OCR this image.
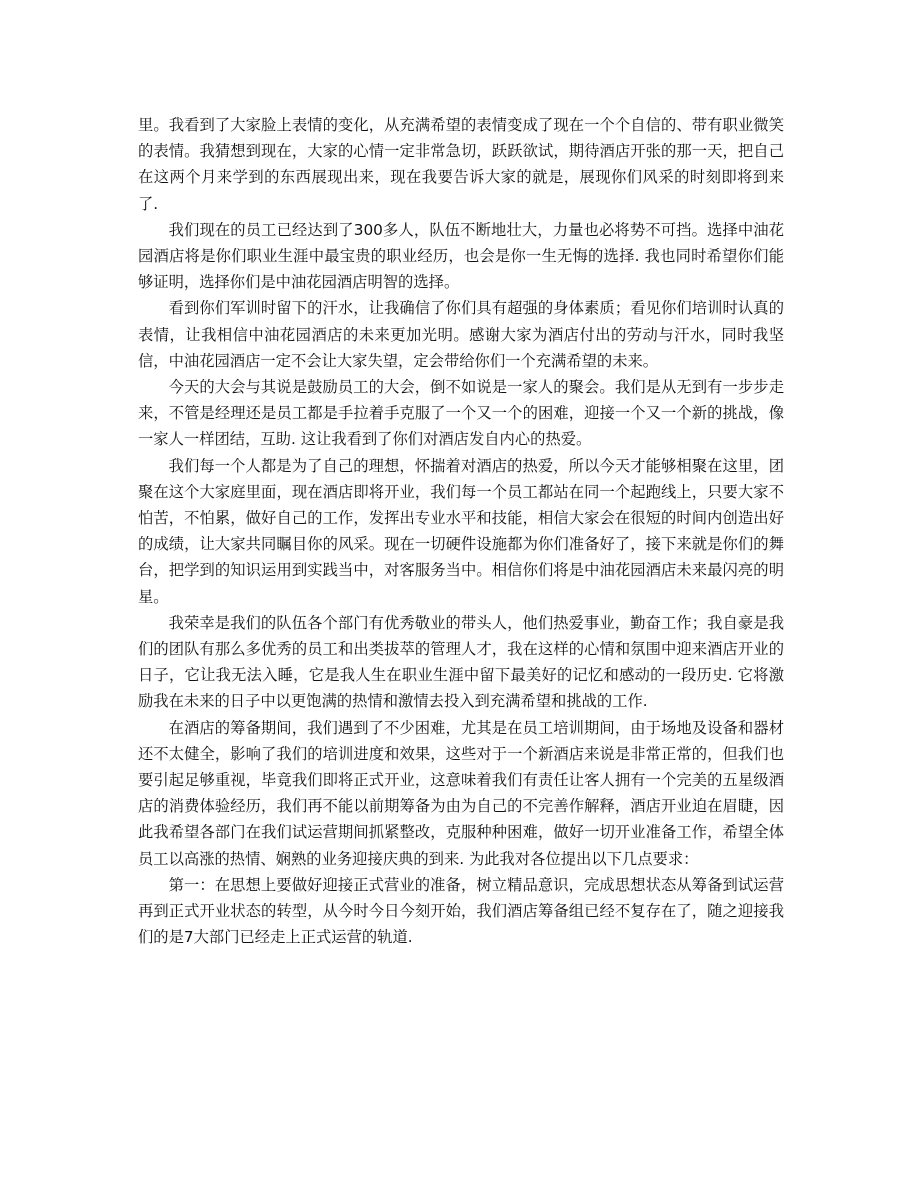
里。我看到了大家脸上表情的变化，从充满希望的表情变成了现在一个个自信的、带有职业微笑的表情。我猜想到现在，大家的心情一定非常急切，跃跃欲试，期待酒店开张的那一天，把自己在这两个月来学到的东西展现出来，现在我要告诉大家的就是，展现你们风采的时刻即将到来了.

我们现在的员工已经达到了300多人，队伍不断地壮大，力量也必将势不可挡。选择中油花园酒店将是你们职业生涯中最宝贵的职业经历，也会是你一生无悔的选择. 我也同时希望你们能够证明，选择你们是中油花园酒店明智的选择。

看到你们军训时留下的汗水，让我确信了你们具有超强的身体素质；看见你们培训时认真的表情，让我相信中油花园酒店的未来更加光明。感谢大家为酒店付出的劳动与汗水，同时我坚信，中油花园酒店一定不会让大家失望，定会带给你们一个充满希望的未来。

今天的大会与其说是鼓励员工的大会，倒不如说是一家人的聚会。我们是从无到有一步步走来，不管是经理还是员工都是手拉着手克服了一个又一个的困难，迎接一个又一个新的挑战，像一家人一样团结，互助. 这让我看到了你们对酒店发自内心的热爱。

我们每一个人都是为了自己的理想，怀揣着对酒店的热爱，所以今天才能够相聚在这里，团聚在这个大家庭里面，现在酒店即将开业，我们每一个员工都站在同一个起跑线上，只要大家不怕苦，不怕累，做好自己的工作，发挥出专业水平和技能，相信大家会在很短的时间内创造出好的成绩，让大家共同瞩目你的风采。现在一切硬件设施都为你们准备好了，接下来就是你们的舞台，把学到的知识运用到实践当中，对客服务当中。相信你们将是中油花园酒店未来最闪亮的明星。

我荣幸是我们的队伍各个部门有优秀敬业的带头人，他们热爱事业，勤奋工作；我自豪是我们的团队有那么多优秀的员工和出类拔萃的管理人才，我在这样的心情和氛围中迎来酒店开业的日子，它让我无法入睡，它是我人生在职业生涯中留下最美好的记忆和感动的一段历史. 它将激励我在未来的日子中以更饱满的热情和激情去投入到充满希望和挑战的工作.

在酒店的筹备期间，我们遇到了不少困难，尤其是在员工培训期间，由于场地及设备和器材还不太健全，影响了我们的培训进度和效果，这些对于一个新酒店来说是非常正常的，但我们也要引起足够重视，毕竟我们即将正式开业，这意味着我们有责任让客人拥有一个完美的五星级酒店的消费体验经历，我们再不能以前期筹备为由为自己的不完善作解释，酒店开业迫在眉睫，因此我希望各部门在我们试运营期间抓紧整改，克服种种困难，做好一切开业准备工作，希望全体员工以高涨的热情、娴熟的业务迎接庆典的到来. 为此我对各位提出以下几点要求：

第一：在思想上要做好迎接正式营业的准备，树立精品意识，完成思想状态从筹备到试运营再到正式开业状态的转型，从今时今日今刻开始，我们酒店筹备组已经不复存在了，随之迎接我们的是7大部门已经走上正式运营的轨道.
